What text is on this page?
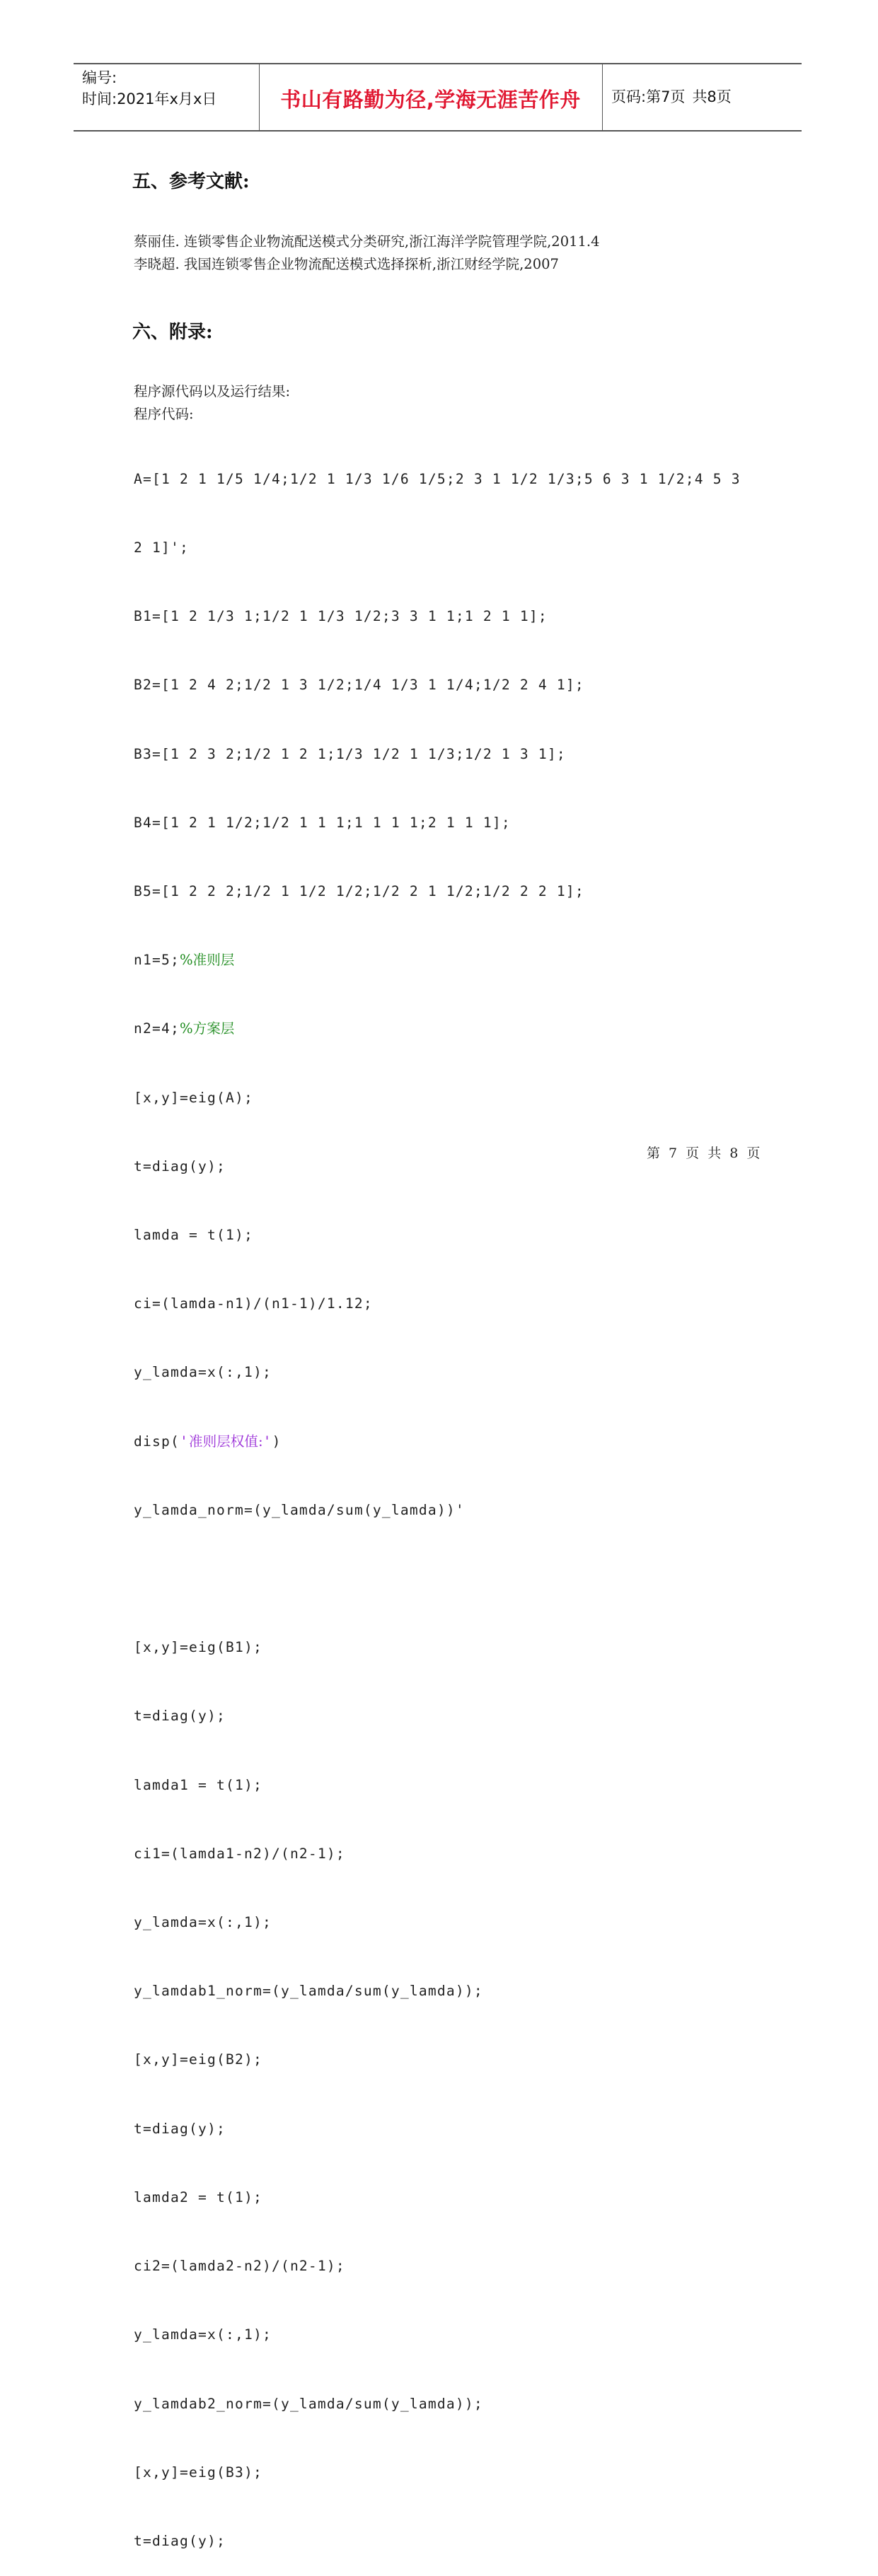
编号:
时间:2021年x月x日	书山有路勤为径,学海无涯苦作舟	页码:第7页 共8页
五、参考文献:
蔡丽佳. 连锁零售企业物流配送模式分类研究,浙江海洋学院管理学院,2011.4
李晓超. 我国连锁零售企业物流配送模式选择探析,浙江财经学院,2007
六、附录:
程序源代码以及运行结果:
程序代码:

A=[1 2 1 1/5 1/4;1/2 1 1/3 1/6 1/5;2 3 1 1/2 1/3;5 6 3 1 1/2;4 5 3

2 1]';

B1=[1 2 1/3 1;1/2 1 1/3 1/2;3 3 1 1;1 2 1 1];

B2=[1 2 4 2;1/2 1 3 1/2;1/4 1/3 1 1/4;1/2 2 4 1];

B3=[1 2 3 2;1/2 1 2 1;1/3 1/2 1 1/3;1/2 1 3 1];

B4=[1 2 1 1/2;1/2 1 1 1;1 1 1 1;2 1 1 1];

B5=[1 2 2 2;1/2 1 1/2 1/2;1/2 2 1 1/2;1/2 2 2 1];

n1=5;%准则层

n2=4;%方案层

[x,y]=eig(A);

t=diag(y);

lamda = t(1);

ci=(lamda-n1)/(n1-1)/1.12;

y_lamda=x(:,1);

disp('准则层权值:')

y_lamda_norm=(y_lamda/sum(y_lamda))'

[x,y]=eig(B1);

t=diag(y);

lamda1 = t(1);

ci1=(lamda1-n2)/(n2-1);

y_lamda=x(:,1);

y_lamdab1_norm=(y_lamda/sum(y_lamda));

[x,y]=eig(B2);

t=diag(y);

lamda2 = t(1);

ci2=(lamda2-n2)/(n2-1);

y_lamda=x(:,1);

y_lamdab2_norm=(y_lamda/sum(y_lamda));

[x,y]=eig(B3);

t=diag(y);

第 7 页 共 8 页
